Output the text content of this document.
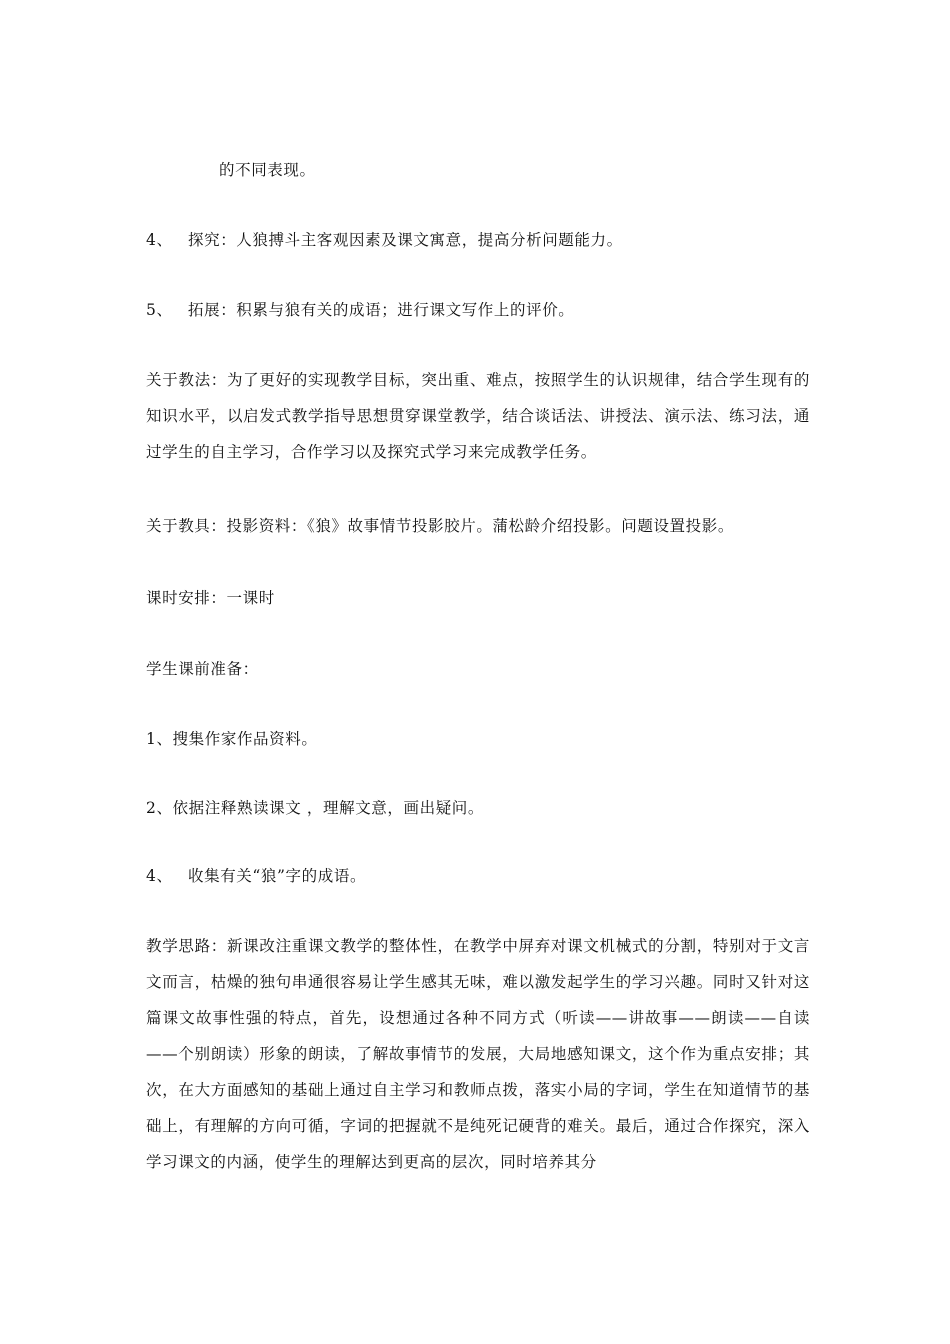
的不同表现。
4、 探究：人狼搏斗主客观因素及课文寓意，提高分析问题能力。
5、 拓展：积累与狼有关的成语；进行课文写作上的评价。
关于教法：为了更好的实现教学目标，突出重、难点，按照学生的认识规律，结合学生现有的知识水平，以启发式教学指导思想贯穿课堂教学，结合谈话法、讲授法、演示法、练习法，通过学生的自主学习，合作学习以及探究式学习来完成教学任务。
关于教具：投影资料：《狼》故事情节投影胶片。蒲松龄介绍投影。问题设置投影。
课时安排：一课时
学生课前准备：
1、搜集作家作品资料。
2、依据注释熟读课文 ，理解文意，画出疑问。
4、 收集有关“狼”字的成语。
教学思路：新课改注重课文教学的整体性，在教学中屏弃对课文机械式的分割，特别对于文言文而言，枯燥的独句串通很容易让学生感其无味，难以激发起学生的学习兴趣。同时又针对这篇课文故事性强的特点，首先，设想通过各种不同方式（听读——讲故事——朗读——自读——个别朗读）形象的朗读，了解故事情节的发展，大局地感知课文，这个作为重点安排；其次，在大方面感知的基础上通过自主学习和教师点拨，落实小局的字词，学生在知道情节的基础上，有理解的方向可循，字词的把握就不是纯死记硬背的难关。最后，通过合作探究，深入学习课文的内涵，使学生的理解达到更高的层次，同时培养其分
